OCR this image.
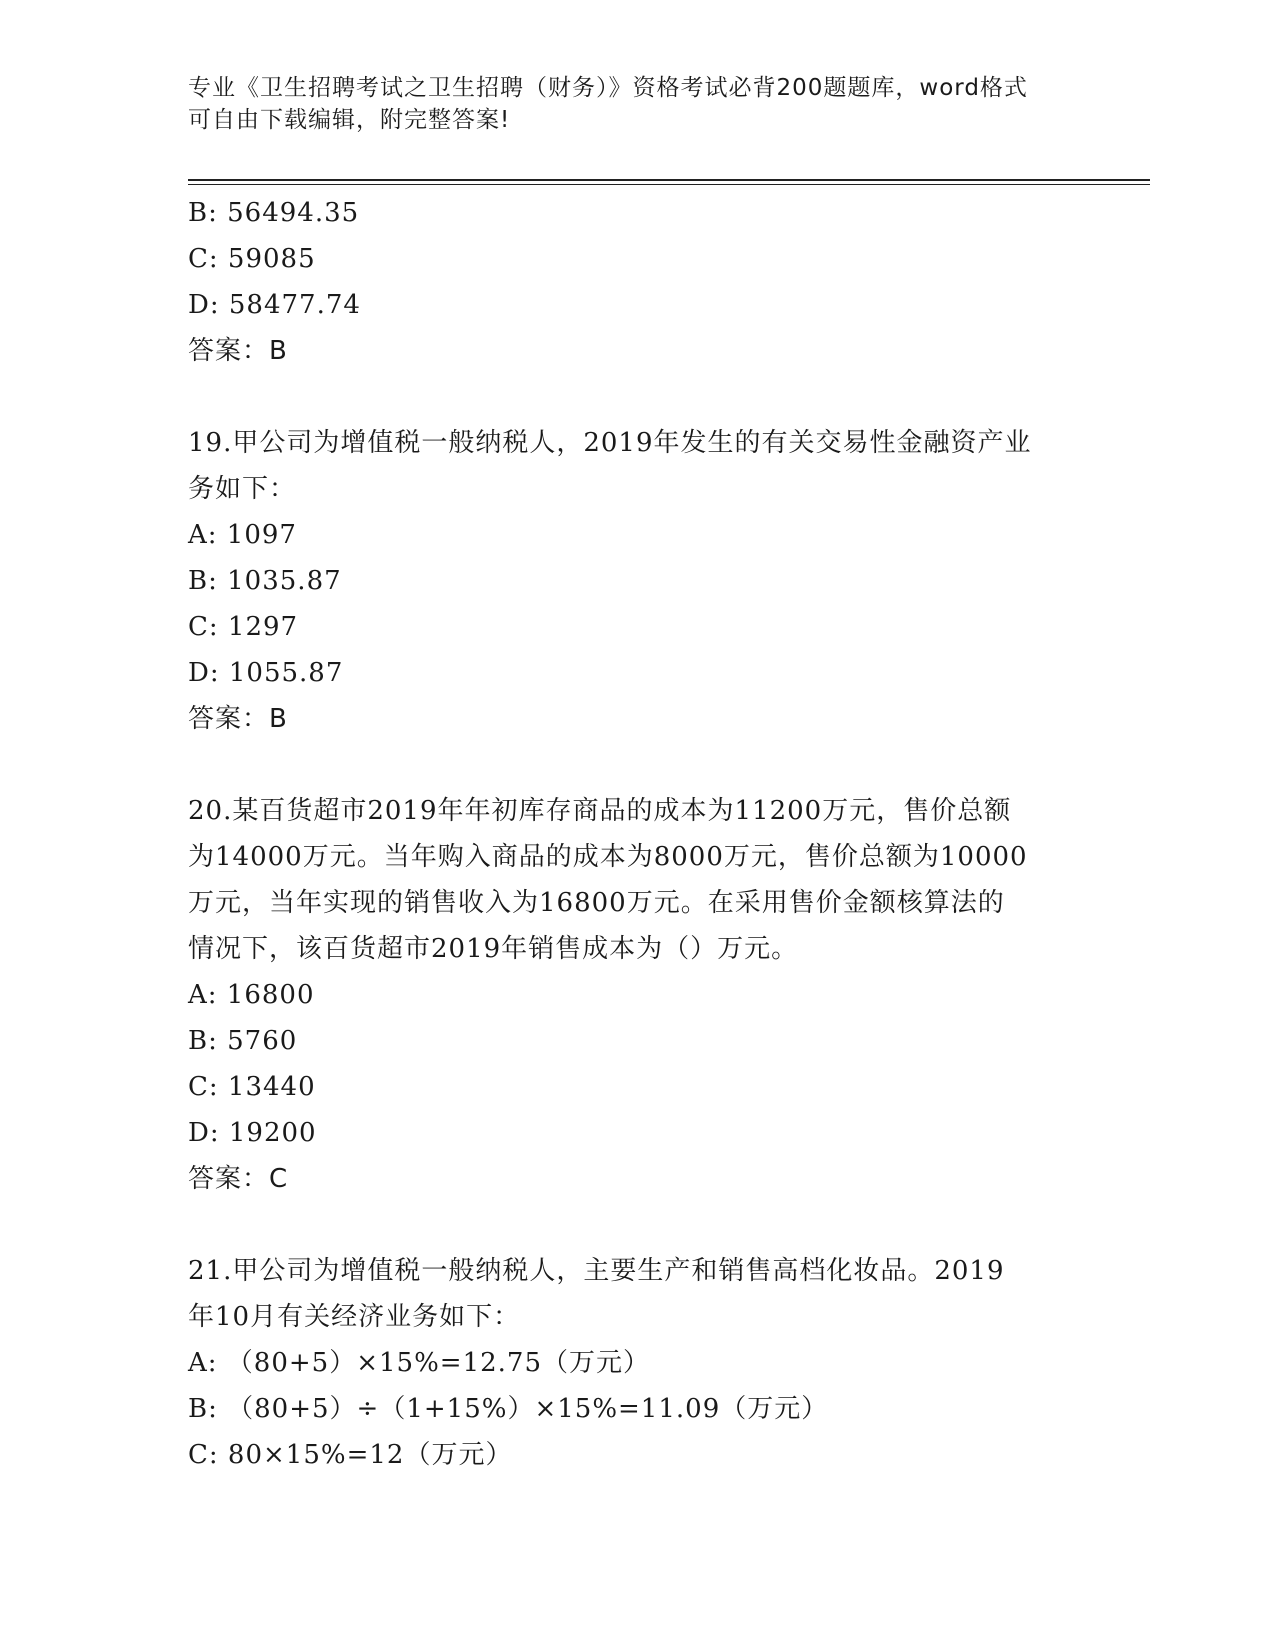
专业《卫生招聘考试之卫生招聘（财务）》资格考试必背200题题库，word格式
可自由下载编辑，附完整答案!
B: 56494.35
C: 59085
D: 58477.74
答案：B
19.甲公司为增值税一般纳税人，2019年发生的有关交易性金融资产业
务如下：
A: 1097
B: 1035.87
C: 1297
D: 1055.87
答案：B
20.某百货超市2019年年初库存商品的成本为11200万元，售价总额
为14000万元。当年购入商品的成本为8000万元，售价总额为10000
万元，当年实现的销售收入为16800万元。在采用售价金额核算法的
情况下，该百货超市2019年销售成本为（）万元。
A: 16800
B: 5760
C: 13440
D: 19200
答案：C
21.甲公司为增值税一般纳税人，主要生产和销售高档化妆品。2019
年10月有关经济业务如下：
A: （80+5）×15%=12.75（万元）
B: （80+5）÷（1+15%）×15%=11.09（万元）
C: 80×15%=12（万元）
